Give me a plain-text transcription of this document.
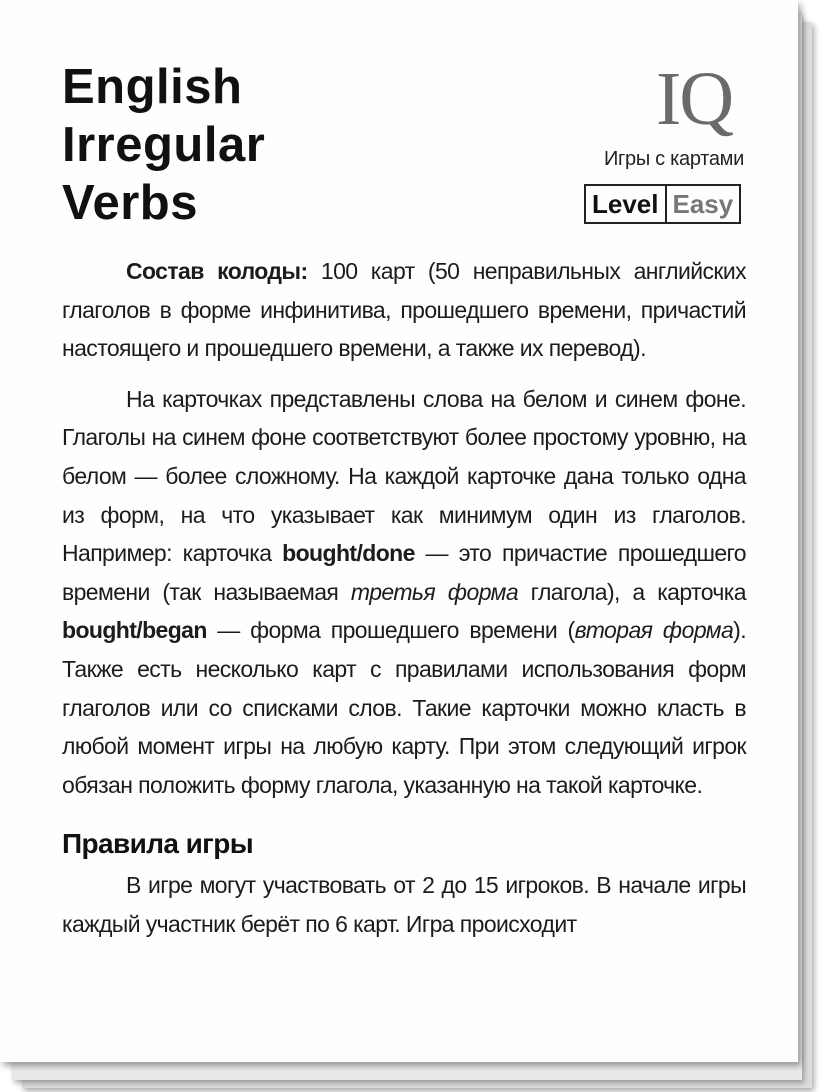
English
Irregular
Verbs
IQ
Игры с картами
Level Easy

Состав колоды: 100 карт (50 неправильных английских глаголов в форме инфинитива, прошедшего времени, причастий настоящего и прошедшего времени, а также их перевод).

На карточках представлены слова на белом и синем фоне. Глаголы на синем фоне соответствуют более простому уровню, на белом — более сложному. На каждой карточке дана только одна из форм, на что указывает как минимум один из глаголов. Например: карточка bought/done — это причастие прошедшего времени (так называемая третья форма глагола), а карточка bought/began — форма прошедшего времени (вторая форма). Также есть несколько карт с правилами использования форм глаголов или со списками слов. Такие карточки можно класть в любой момент игры на любую карту. При этом следующий игрок обязан положить форму глагола, указанную на такой карточке.

Правила игры

В игре могут участвовать от 2 до 15 игроков. В начале игры каждый участник берёт по 6 карт. Игра происходит
